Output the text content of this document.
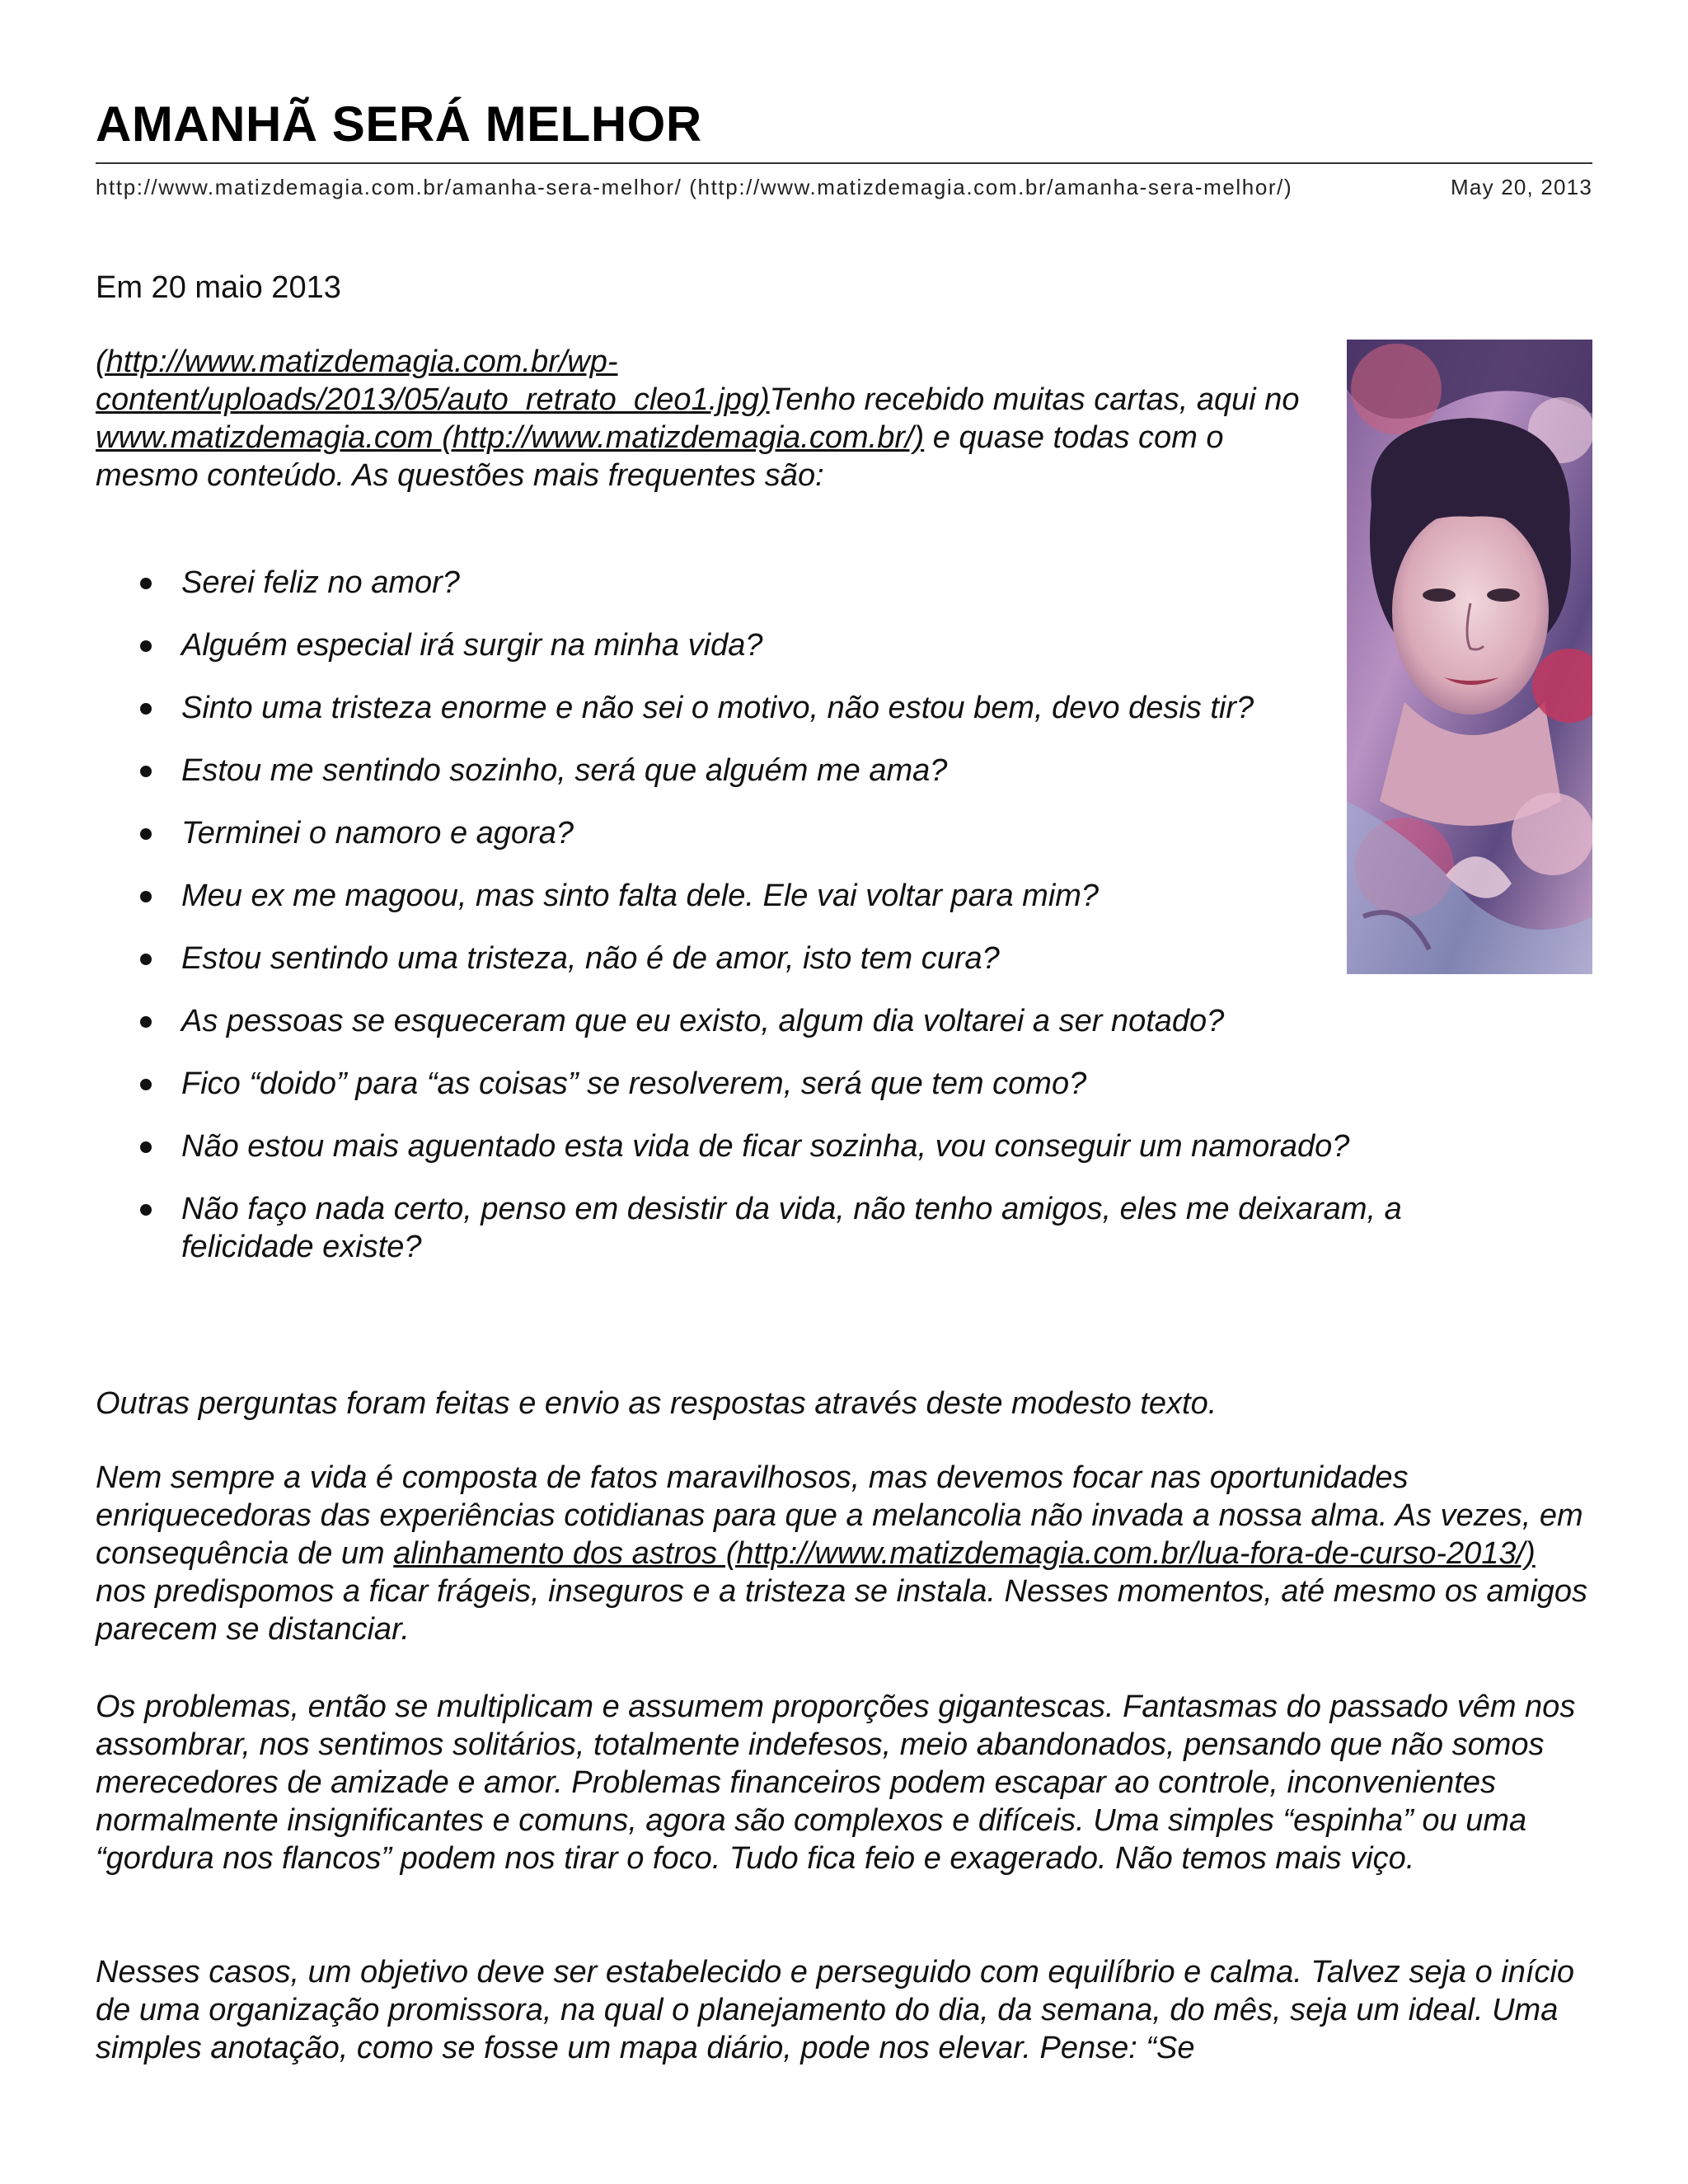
AMANHÃ SERÁ MELHOR
http://www.matizdemagia.com.br/amanha-sera-melhor/ (http://www.matizdemagia.com.br/amanha-sera-melhor/)	May 20, 2013
Em 20 maio 2013
(http://www.matizdemagia.com.br/wp-content/uploads/2013/05/auto_retrato_cleo1.jpg)Tenho recebido muitas cartas, aqui no www.matizdemagia.com (http://www.matizdemagia.com.br/) e quase todas com o mesmo conteúdo. As questões mais frequentes são:
Serei feliz no amor?
Alguém especial irá surgir na minha vida?
Sinto uma tristeza enorme e não sei o motivo, não estou bem, devo desis tir?
Estou me sentindo sozinho, será que alguém me ama?
Terminei o namoro e agora?
Meu ex me magoou, mas sinto falta dele. Ele vai voltar para mim?
Estou sentindo uma tristeza, não é de amor, isto tem cura?
As pessoas se esqueceram que eu existo, algum dia voltarei a ser notado?
Fico “doido” para “as coisas” se resolverem, será que tem como?
Não estou mais aguentado esta vida de ficar sozinha, vou conseguir um namorado?
Não faço nada certo, penso em desistir da vida, não tenho amigos, eles me deixaram, a felicidade existe?

Outras perguntas foram feitas e envio as respostas através deste modesto texto.

Nem sempre a vida é composta de fatos maravilhosos, mas devemos focar nas oportunidades enriquecedoras das experiências cotidianas para que a melancolia não invada a nossa alma. As vezes, em consequência de um alinhamento dos astros (http://www.matizdemagia.com.br/lua-fora-de-curso-2013/) nos predispomos a ficar frágeis, inseguros e a tristeza se instala. Nesses momentos, até mesmo os amigos parecem se distanciar.

Os problemas, então se multiplicam e assumem proporções gigantescas. Fantasmas do passado vêm nos assombrar, nos sentimos solitários, totalmente indefesos, meio abandonados, pensando que não somos merecedores de amizade e amor. Problemas financeiros podem escapar ao controle, inconvenientes normalmente insignificantes e comuns, agora são complexos e difíceis. Uma simples “espinha” ou uma “gordura nos flancos” podem nos tirar o foco. Tudo fica feio e exagerado. Não temos mais viço.

Nesses casos, um objetivo deve ser estabelecido e perseguido com equilíbrio e calma. Talvez seja o início de uma organização promissora, na qual o planejamento do dia, da semana, do mês, seja um ideal. Uma simples anotação, como se fosse um mapa diário, pode nos elevar. Pense: “Se
